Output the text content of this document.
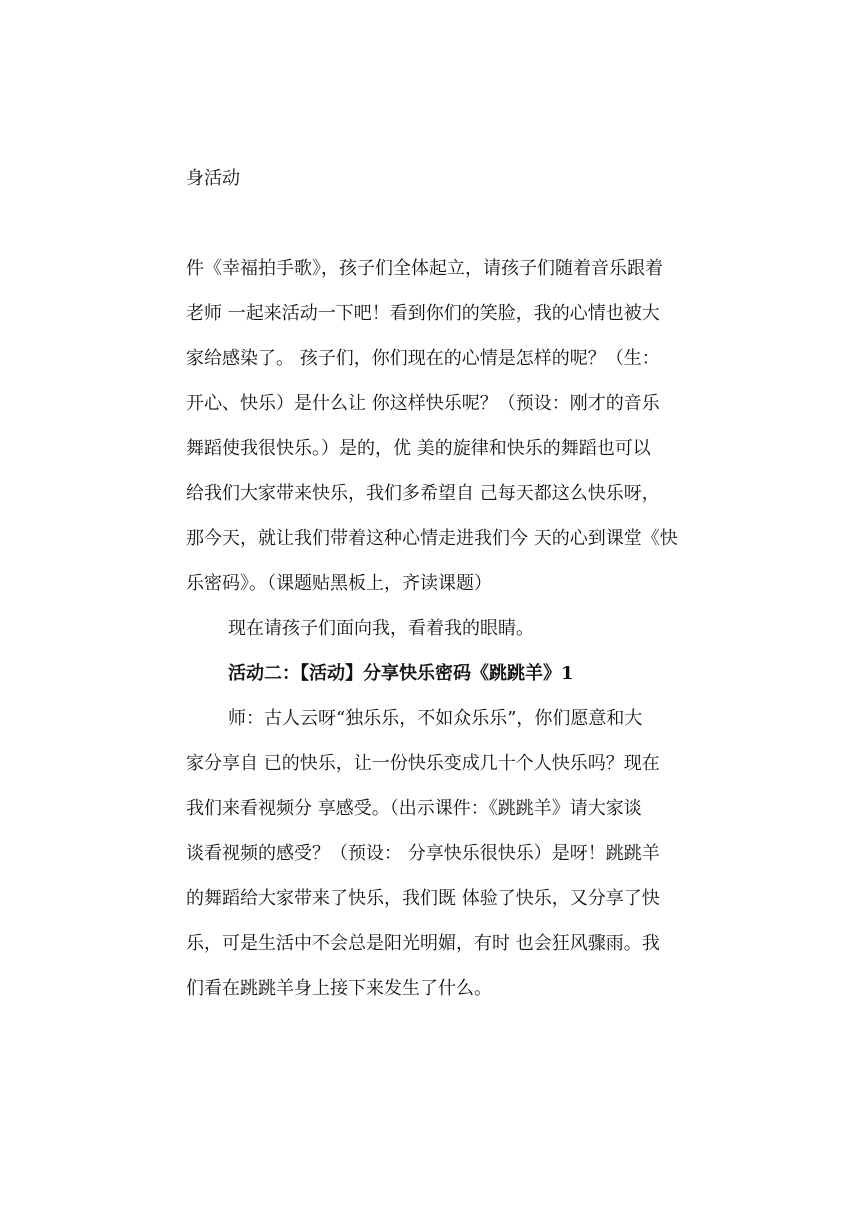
身活动
件《幸福拍手歌》，孩子们全体起立，请孩子们随着音乐跟着
老师 一起来活动一下吧！看到你们的笑脸，我的心情也被大
家给感染了。 孩子们，你们现在的心情是怎样的呢？（生：
开心、快乐）是什么让 你这样快乐呢？（预设：刚才的音乐
舞蹈使我很快乐。）是的，优 美的旋律和快乐的舞蹈也可以
给我们大家带来快乐，我们多希望自 己每天都这么快乐呀，
那今天，就让我们带着这种心情走进我们今 天的心到课堂《快
乐密码》。（课题贴黑板上，齐读课题）
现在请孩子们面向我，看着我的眼睛。
活动二：【活动】分享快乐密码《跳跳羊》1
师：古人云呀“独乐乐，不如众乐乐”，你们愿意和大
家分享自 已的快乐，让一份快乐变成几十个人快乐吗？现在
我们来看视频分 享感受。（出示课件：《跳跳羊》请大家谈
谈看视频的感受？（预设： 分享快乐很快乐）是呀！跳跳羊
的舞蹈给大家带来了快乐，我们既 体验了快乐，又分享了快
乐，可是生活中不会总是阳光明媚，有时 也会狂风骤雨。我
们看在跳跳羊身上接下来发生了什么。
